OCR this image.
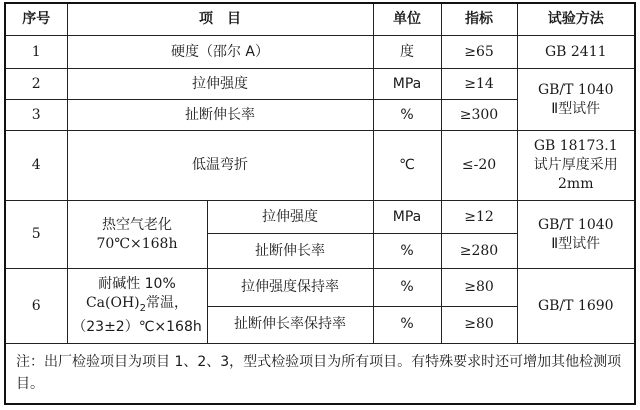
序号	项　目		单位	指标	试验方法
1	硬度（邵尔 A）		度	≥65	GB 2411
2	拉伸强度		MPa	≥14	GB/T 1040
Ⅱ型试件

3	扯断伸长率		%	≥300	
4	低温弯折		℃	≤-20	GB 18173.1
试片厚度采用
2mm

5	热空气老化
70℃×168h	拉伸强度	MPa	≥12	GB/T 1040
Ⅱ型试件

		扯断伸长率	%	≥280	
6	耐碱性 10%
$Ca(OH)_2$常温，
（23±2）℃×168h	拉伸强度保持率	%	≥80	GB/T 1690
		扯断伸长率保持率	%	≥80	
注：出厂检验项目为项目 1、2、3，型式检验项目为所有项目。有特殊要求时还可增加其他检测项目。					
